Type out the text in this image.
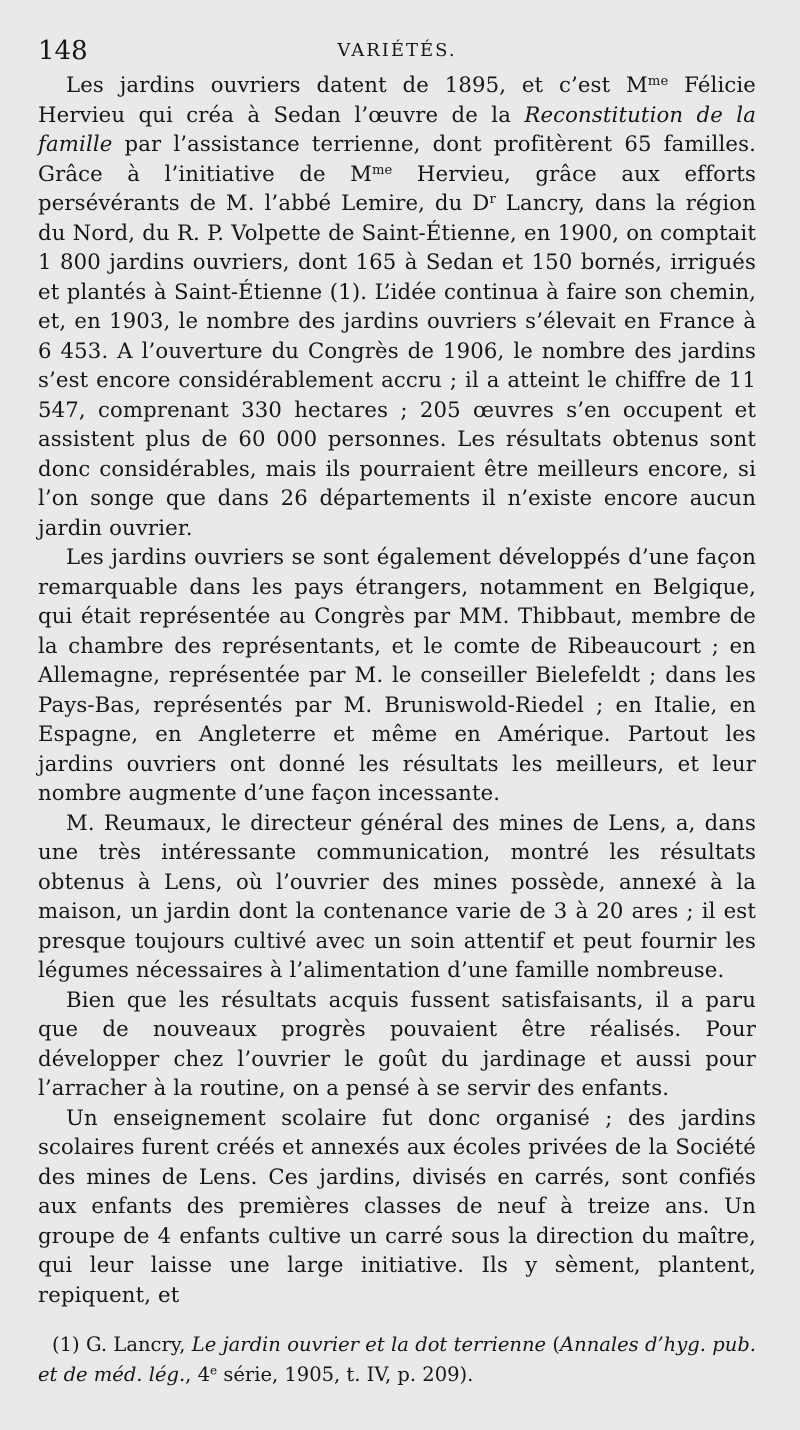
148	VARIÉTÉS.

Les jardins ouvriers datent de 1895, et c’est $M^{me}$ Félicie Hervieu qui créa à Sedan l’œuvre de la Reconstitution de la famille par l’assistance terrienne, dont profitèrent 65 familles. Grâce à l’initiative de $M^{me}$ Hervieu, grâce aux efforts persévérants de M. l’abbé Lemire, du $D^r$ Lancry, dans la région du Nord, du R. P. Volpette de Saint-Étienne, en 1900, on comptait 1 800 jardins ouvriers, dont 165 à Sedan et 150 bornés, irrigués et plantés à Saint-Étienne (1). L’idée continua à faire son chemin, et, en 1903, le nombre des jardins ouvriers s’élevait en France à 6 453. A l’ouverture du Congrès de 1906, le nombre des jardins s’est encore considérablement accru ; il a atteint le chiffre de 11 547, comprenant 330 hectares ; 205 œuvres s’en occupent et assistent plus de 60 000 personnes. Les résultats obtenus sont donc considérables, mais ils pourraient être meilleurs encore, si l’on songe que dans 26 départements il n’existe encore aucun jardin ouvrier.

Les jardins ouvriers se sont également développés d’une façon remarquable dans les pays étrangers, notamment en Belgique, qui était représentée au Congrès par MM. Thibbaut, membre de la chambre des représentants, et le comte de Ribeaucourt ; en Allemagne, représentée par M. le conseiller Bielefeldt ; dans les Pays-Bas, représentés par M. Bruniswold-Riedel ; en Italie, en Espagne, en Angleterre et même en Amérique. Partout les jardins ouvriers ont donné les résultats les meilleurs, et leur nombre augmente d’une façon incessante.

M. Reumaux, le directeur général des mines de Lens, a, dans une très intéressante communication, montré les résultats obtenus à Lens, où l’ouvrier des mines possède, annexé à la maison, un jardin dont la contenance varie de 3 à 20 ares ; il est presque toujours cultivé avec un soin attentif et peut fournir les légumes nécessaires à l’alimentation d’une famille nombreuse.

Bien que les résultats acquis fussent satisfaisants, il a paru que de nouveaux progrès pouvaient être réalisés. Pour développer chez l’ouvrier le goût du jardinage et aussi pour l’arracher à la routine, on a pensé à se servir des enfants.

Un enseignement scolaire fut donc organisé ; des jardins scolaires furent créés et annexés aux écoles privées de la Société des mines de Lens. Ces jardins, divisés en carrés, sont confiés aux enfants des premières classes de neuf à treize ans. Un groupe de 4 enfants cultive un carré sous la direction du maître, qui leur laisse une large initiative. Ils y sèment, plantent, repiquent, et

(1) G. Lancry, Le jardin ouvrier et la dot terrienne (Annales d’hyg. pub. et de méd. lég., 4e série, 1905, t. IV, p. 209).
